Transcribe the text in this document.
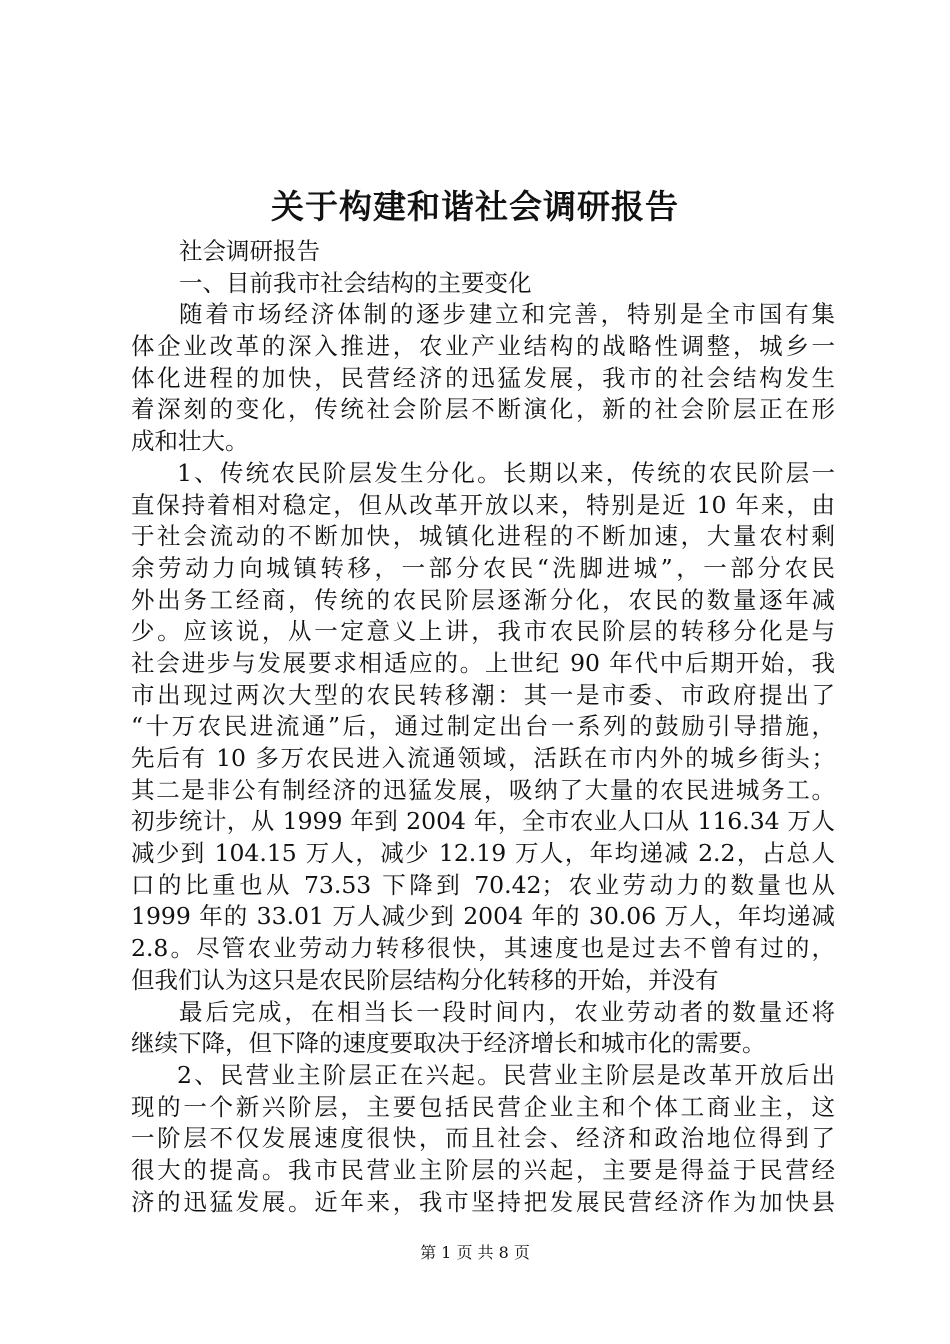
关于构建和谐社会调研报告

社会调研报告

一、目前我市社会结构的主要变化

随着市场经济体制的逐步建立和完善，特别是全市国有集

体企业改革的深入推进，农业产业结构的战略性调整，城乡一

体化进程的加快，民营经济的迅猛发展，我市的社会结构发生

着深刻的变化，传统社会阶层不断演化，新的社会阶层正在形

成和壮大。

1、传统农民阶层发生分化。长期以来，传统的农民阶层一

直保持着相对稳定，但从改革开放以来，特别是近 10 年来，由

于社会流动的不断加快，城镇化进程的不断加速，大量农村剩

余劳动力向城镇转移，一部分农民“洗脚进城”，一部分农民

外出务工经商，传统的农民阶层逐渐分化，农民的数量逐年减

少。应该说，从一定意义上讲，我市农民阶层的转移分化是与

社会进步与发展要求相适应的。上世纪 90 年代中后期开始，我

市出现过两次大型的农民转移潮：其一是市委、市政府提出了

“十万农民进流通”后，通过制定出台一系列的鼓励引导措施，

先后有 10 多万农民进入流通领域，活跃在市内外的城乡街头；

其二是非公有制经济的迅猛发展，吸纳了大量的农民进城务工。

初步统计，从 1999 年到 2004 年，全市农业人口从 116.34 万人

减少到 104.15 万人，减少 12.19 万人，年均递减 2.2，占总人

口的比重也从 73.53 下降到 70.42；农业劳动力的数量也从

1999 年的 33.01 万人减少到 2004 年的 30.06 万人，年均递减

2.8。尽管农业劳动力转移很快，其速度也是过去不曾有过的，

但我们认为这只是农民阶层结构分化转移的开始，并没有

最后完成，在相当长一段时间内，农业劳动者的数量还将

继续下降，但下降的速度要取决于经济增长和城市化的需要。

2、民营业主阶层正在兴起。民营业主阶层是改革开放后出

现的一个新兴阶层，主要包括民营企业主和个体工商业主，这

一阶层不仅发展速度很快，而且社会、经济和政治地位得到了

很大的提高。我市民营业主阶层的兴起，主要是得益于民营经

济的迅猛发展。近年来，我市坚持把发展民营经济作为加快县

第 1 页 共 8 页
